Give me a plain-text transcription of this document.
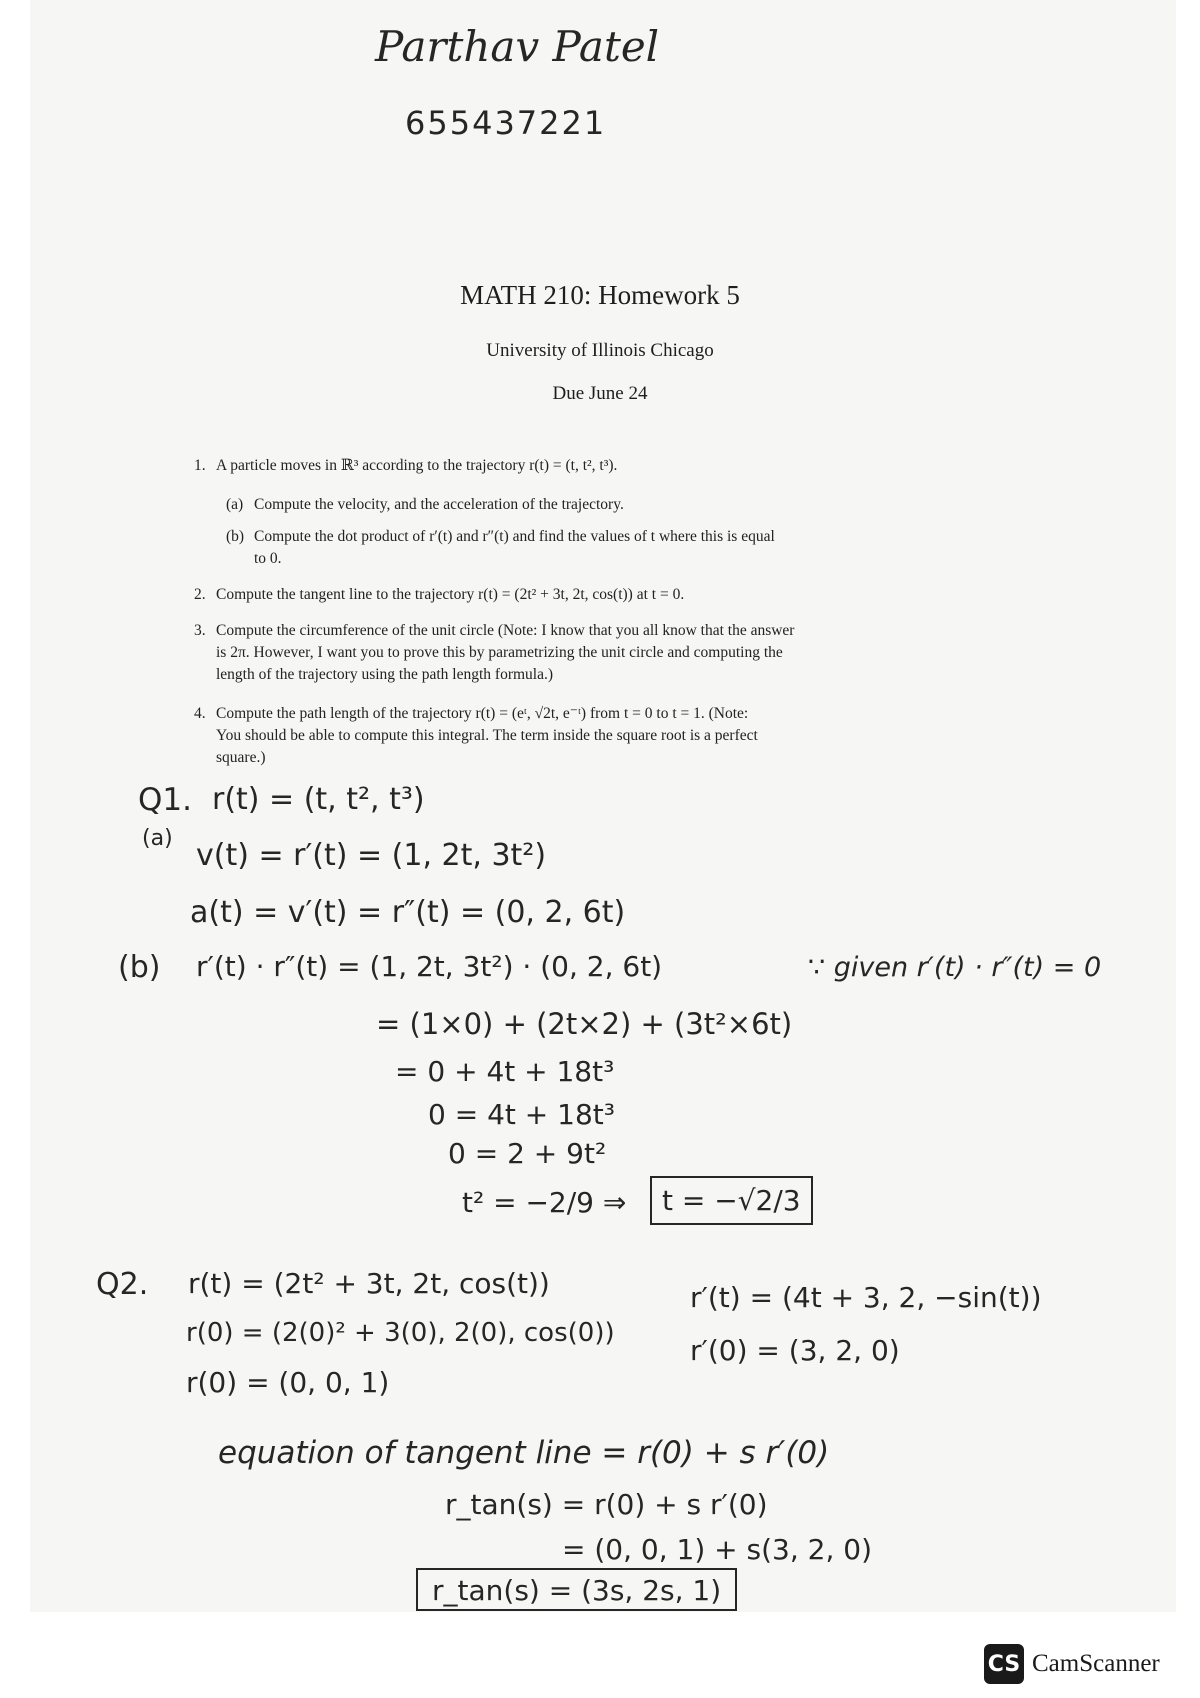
Parthav Patel
655437221
MATH 210: Homework 5
University of Illinois Chicago
Due June 24
1. A particle moves in ℝ³ according to the trajectory r(t) = (t, t², t³).
(a) Compute the velocity, and the acceleration of the trajectory.
(b) Compute the dot product of r′(t) and r″(t) and find the values of t where this is equal
to 0.
2. Compute the tangent line to the trajectory r(t) = (2t² + 3t, 2t, cos(t)) at t = 0.
3. Compute the circumference of the unit circle (Note: I know that you all know that the answer
is 2π. However, I want you to prove this by parametrizing the unit circle and computing the
length of the trajectory using the path length formula.)
4. Compute the path length of the trajectory r(t) = (eᵗ, √2t, e⁻ᵗ) from t = 0 to t = 1. (Note:
You should be able to compute this integral. The term inside the square root is a perfect
square.)
Q1. r(t) = (t, t², t³)
(a) v(t) = r′(t) = (1, 2t, 3t²)
a(t) = v′(t) = r″(t) = (0, 2, 6t)
(b) r′(t) · r″(t) = (1, 2t, 3t²) · (0, 2, 6t)	∵ given r′(t) · r″(t) = 0
= (1×0) + (2t×2) + (3t²×6t)
= 0 + 4t + 18t³
0 = 4t + 18t³
0 = 2 + 9t²
t² = −2/9 ⇒	t = −√2/3
Q2. r(t) = (2t² + 3t, 2t, cos(t))	r′(t) = (4t + 3, 2, −sin(t))
r(0) = (2(0)² + 3(0), 2(0), cos(0))
r′(0) = (3, 2, 0)
r(0) = (0, 0, 1)
equation of tangent line = r(0) + s r′(0)
r_tan(s) = r(0) + s r′(0)
= (0, 0, 1) + s(3, 2, 0)
r_tan(s) = (3s, 2s, 1)
CS CamScanner
